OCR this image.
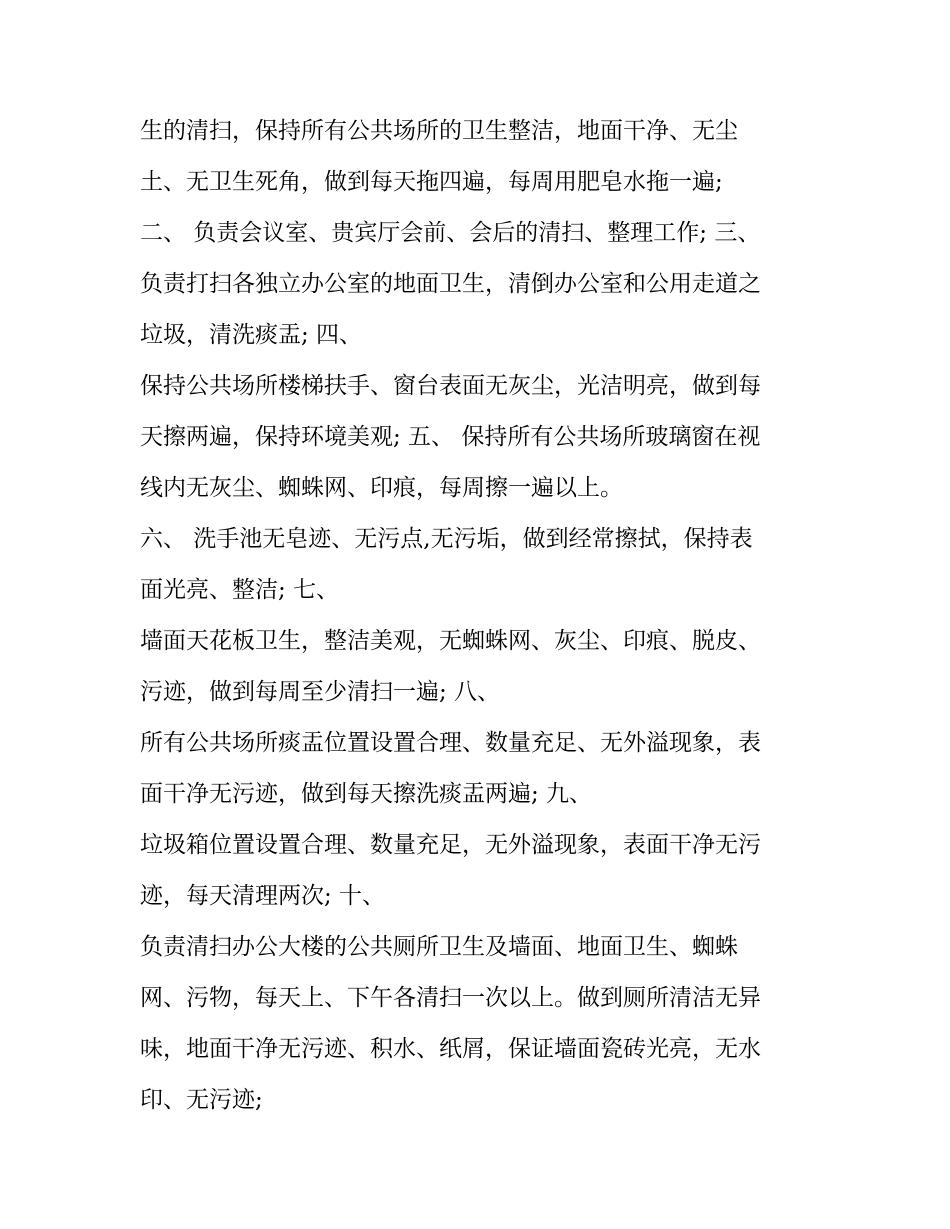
生的清扫，保持所有公共场所的卫生整洁，地面干净、无尘
土、无卫生死角，做到每天拖四遍，每周用肥皂水拖一遍;
二、 负责会议室、贵宾厅会前、会后的清扫、整理工作; 三、
负责打扫各独立办公室的地面卫生，清倒办公室和公用走道之
垃圾，清洗痰盂; 四、
保持公共场所楼梯扶手、窗台表面无灰尘，光洁明亮，做到每
天擦两遍，保持环境美观; 五、 保持所有公共场所玻璃窗在视
线内无灰尘、蜘蛛网、印痕，每周擦一遍以上。
六、 洗手池无皂迹、无污点,无污垢，做到经常擦拭，保持表
面光亮、整洁; 七、
墙面天花板卫生，整洁美观，无蜘蛛网、灰尘、印痕、脱皮、
污迹，做到每周至少清扫一遍; 八、
所有公共场所痰盂位置设置合理、数量充足、无外溢现象，表
面干净无污迹，做到每天擦洗痰盂两遍; 九、
垃圾箱位置设置合理、数量充足，无外溢现象，表面干净无污
迹，每天清理两次; 十、
负责清扫办公大楼的公共厕所卫生及墙面、地面卫生、蜘蛛
网、污物，每天上、下午各清扫一次以上。做到厕所清洁无异
味，地面干净无污迹、积水、纸屑，保证墙面瓷砖光亮，无水
印、无污迹;
